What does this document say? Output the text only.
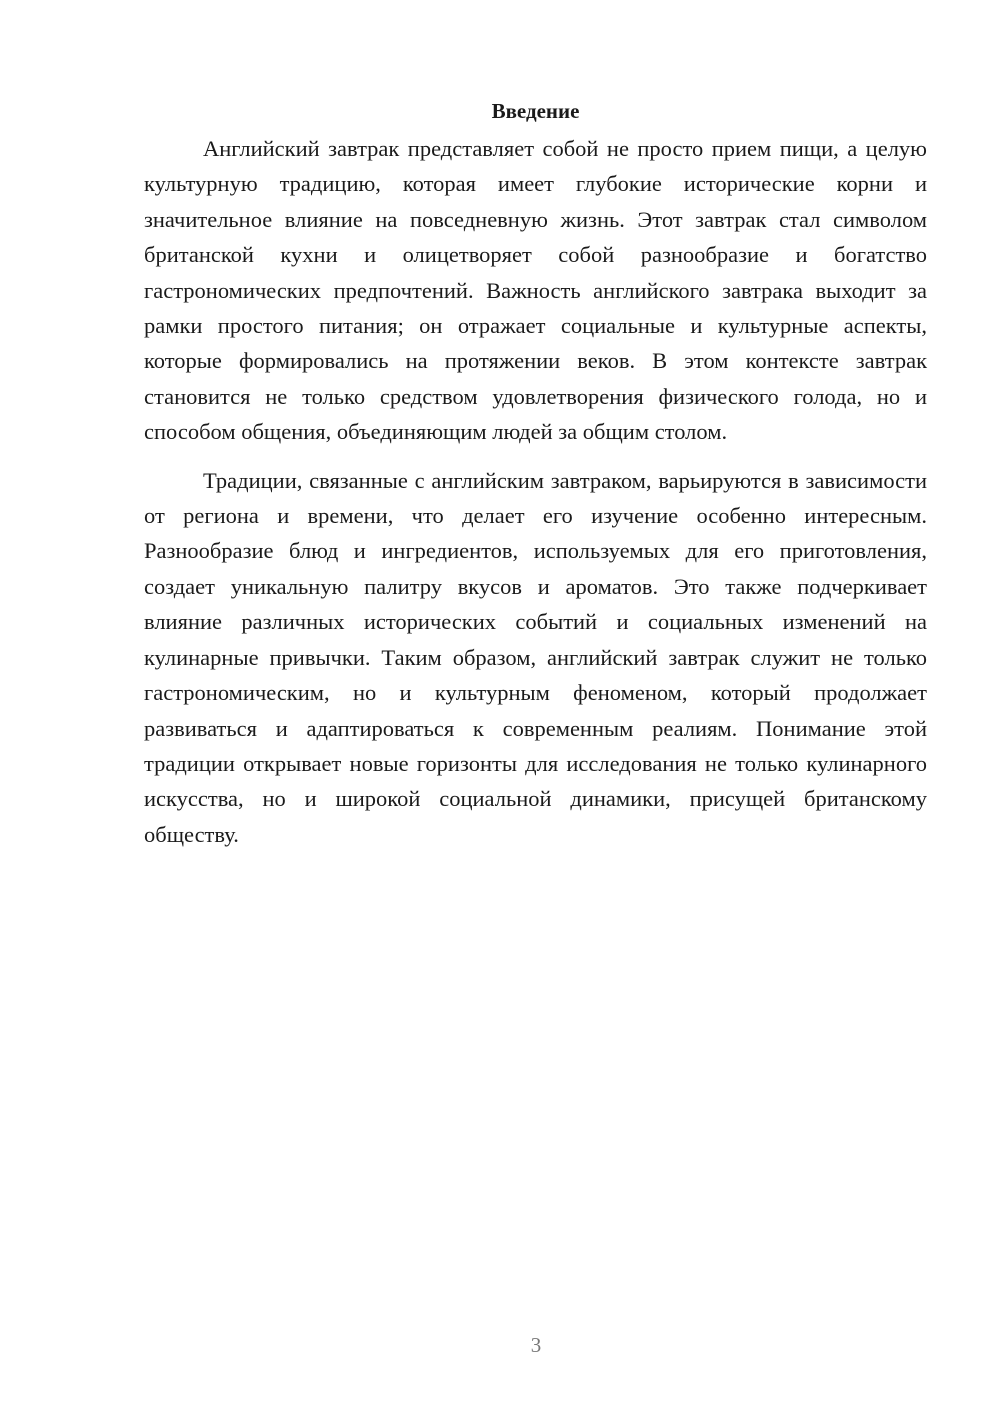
Введение

Английский завтрак представляет собой не просто прием пищи, а целую культурную традицию, которая имеет глубокие исторические корни и значительное влияние на повседневную жизнь. Этот завтрак стал символом британской кухни и олицетворяет собой разнообразие и богатство гастрономических предпочтений. Важность английского завтрака выходит за рамки простого питания; он отражает социальные и культурные аспекты, которые формировались на протяжении веков. В этом контексте завтрак становится не только средством удовлетворения физического голода, но и способом общения, объединяющим людей за общим столом.

Традиции, связанные с английским завтраком, варьируются в зависимости от региона и времени, что делает его изучение особенно интересным. Разнообразие блюд и ингредиентов, используемых для его приготовления, создает уникальную палитру вкусов и ароматов. Это также подчеркивает влияние различных исторических событий и социальных изменений на кулинарные привычки. Таким образом, английский завтрак служит не только гастрономическим, но и культурным феноменом, который продолжает развиваться и адаптироваться к современным реалиям. Понимание этой традиции открывает новые горизонты для исследования не только кулинарного искусства, но и широкой социальной динамики, присущей британскому обществу.

3
